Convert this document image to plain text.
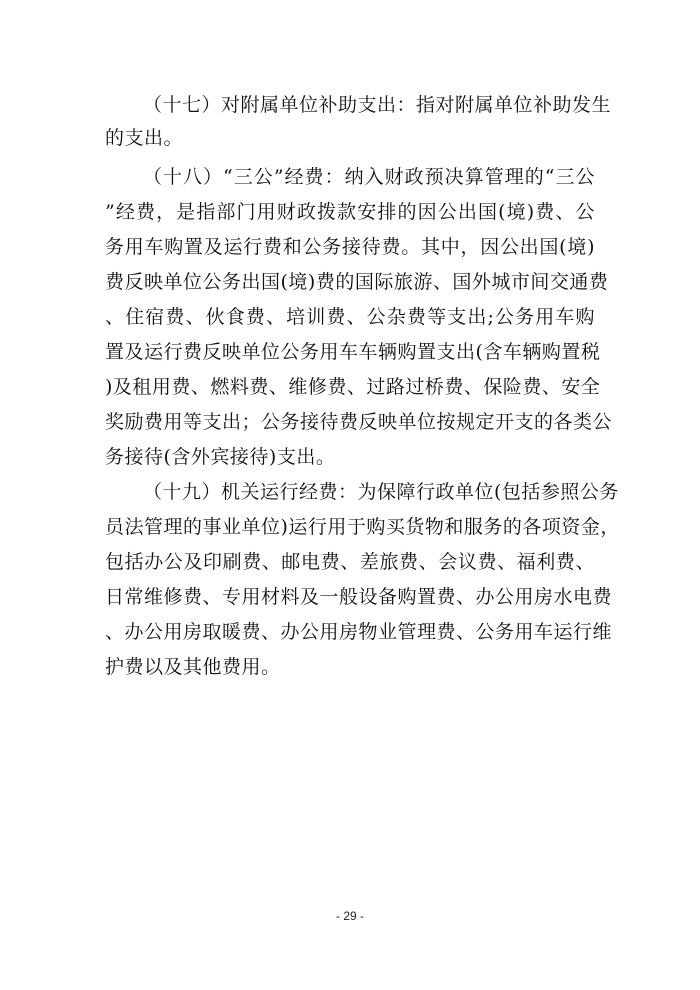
（十七）对附属单位补助支出：指对附属单位补助发生
的支出。
（十八）“三公”经费：纳入财政预决算管理的“三公
”经费，是指部门用财政拨款安排的因公出国(境)费、公
务用车购置及运行费和公务接待费。其中，因公出国(境)
费反映单位公务出国(境)费的国际旅游、国外城市间交通费
、住宿费、伙食费、培训费、公杂费等支出;公务用车购
置及运行费反映单位公务用车车辆购置支出(含车辆购置税
)及租用费、燃料费、维修费、过路过桥费、保险费、安全
奖励费用等支出；公务接待费反映单位按规定开支的各类公
务接待(含外宾接待)支出。
（十九）机关运行经费：为保障行政单位(包括参照公务
员法管理的事业单位)运行用于购买货物和服务的各项资金，
包括办公及印刷费、邮电费、差旅费、会议费、福利费、
日常维修费、专用材料及一般设备购置费、办公用房水电费
、办公用房取暖费、办公用房物业管理费、公务用车运行维
护费以及其他费用。
- 29 -
